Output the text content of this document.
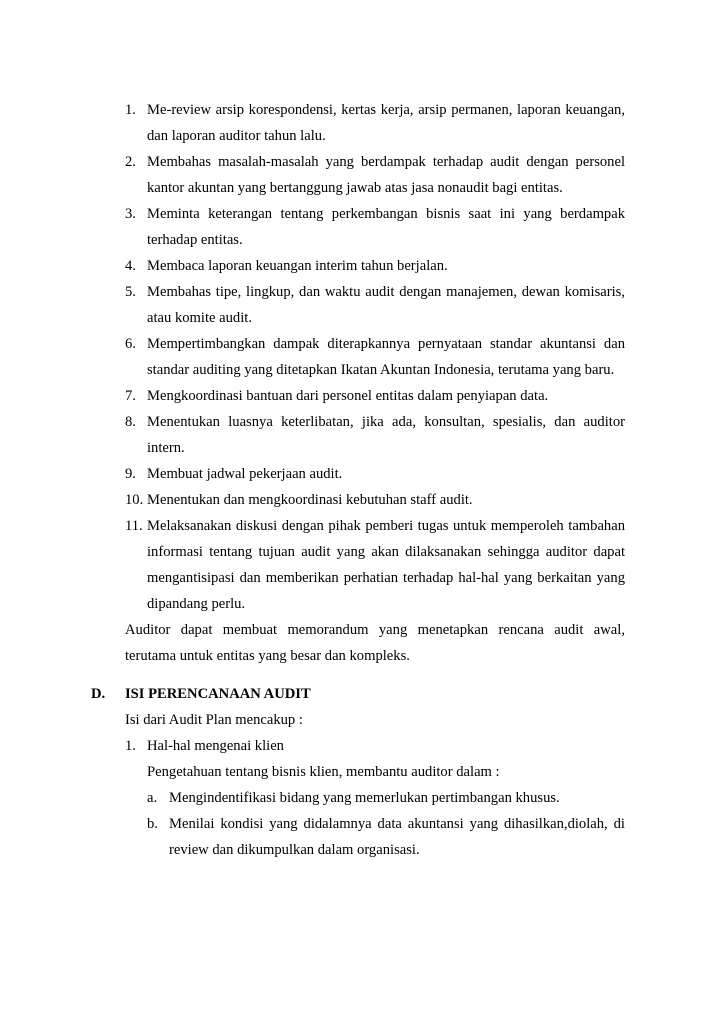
1. Me-review arsip korespondensi, kertas kerja, arsip permanen, laporan keuangan, dan laporan auditor tahun lalu.
2. Membahas masalah-masalah yang berdampak terhadap audit dengan personel kantor akuntan yang bertanggung jawab atas jasa nonaudit bagi entitas.
3. Meminta keterangan tentang perkembangan bisnis saat ini yang berdampak terhadap entitas.
4. Membaca laporan keuangan interim tahun berjalan.
5. Membahas tipe, lingkup, dan waktu audit dengan manajemen, dewan komisaris, atau komite audit.
6. Mempertimbangkan dampak diterapkannya pernyataan standar akuntansi dan standar auditing yang ditetapkan Ikatan Akuntan Indonesia, terutama yang baru.
7. Mengkoordinasi bantuan dari personel entitas dalam penyiapan data.
8. Menentukan luasnya keterlibatan, jika ada, konsultan, spesialis, dan auditor intern.
9. Membuat jadwal pekerjaan audit.
10. Menentukan dan mengkoordinasi kebutuhan staff audit.
11. Melaksanakan diskusi dengan pihak pemberi tugas untuk memperoleh tambahan informasi tentang tujuan audit yang akan dilaksanakan sehingga auditor dapat mengantisipasi dan memberikan perhatian terhadap hal-hal yang berkaitan yang dipandang perlu.
Auditor dapat membuat memorandum yang menetapkan rencana audit awal, terutama untuk entitas yang besar dan kompleks.
D.	ISI PERENCANAAN AUDIT
Isi dari Audit Plan mencakup :
1. Hal-hal mengenai klien
Pengetahuan tentang bisnis klien, membantu auditor dalam :
a. Mengindentifikasi bidang yang memerlukan pertimbangan khusus.
b. Menilai kondisi yang didalamnya data akuntansi yang dihasilkan,diolah, di review dan dikumpulkan dalam organisasi.
